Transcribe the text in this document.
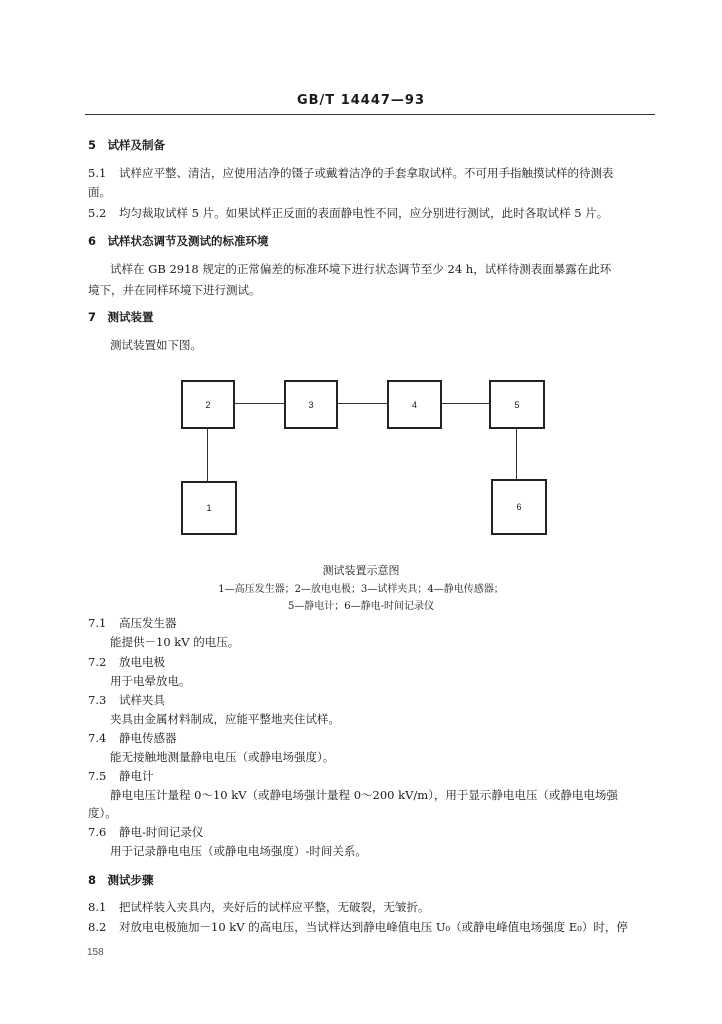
GB/T 14447—93
5　试样及制备
5.1 试样应平整、清洁，应使用洁净的镊子或戴着洁净的手套拿取试样。不可用手指触摸试样的待测表
面。
5.2 均匀裁取试样 5 片。如果试样正反面的表面静电性不同，应分别进行测试，此时各取试样 5 片。
6　试样状态调节及测试的标准环境
试样在 GB 2918 规定的正常偏差的标准环境下进行状态调节至少 24 h，试样待测表面暴露在此环
境下，并在同样环境下进行测试。
7　测试装置
测试装置如下图。
2	3	4	5
1	6
测试装置示意图
1—高压发生器；2—放电电极；3—试样夹具；4—静电传感器；
5—静电计；6—静电-时间记录仪
7.1 高压发生器
能提供－10 kV 的电压。
7.2 放电电极
用于电晕放电。
7.3 试样夹具
夹具由金属材料制成，应能平整地夹住试样。
7.4 静电传感器
能无接触地测量静电电压（或静电场强度）。
7.5 静电计
静电电压计量程 0～10 kV（或静电场强计量程 0～200 kV/m），用于显示静电电压（或静电电场强
度）。
7.6 静电-时间记录仪
用于记录静电电压（或静电电场强度）-时间关系。
8　测试步骤
8.1 把试样装入夹具内，夹好后的试样应平整，无破裂，无皱折。
8.2 对放电电极施加－10 kV 的高电压，当试样达到静电峰值电压 U₀（或静电峰值电场强度 E₀）时，停
158
